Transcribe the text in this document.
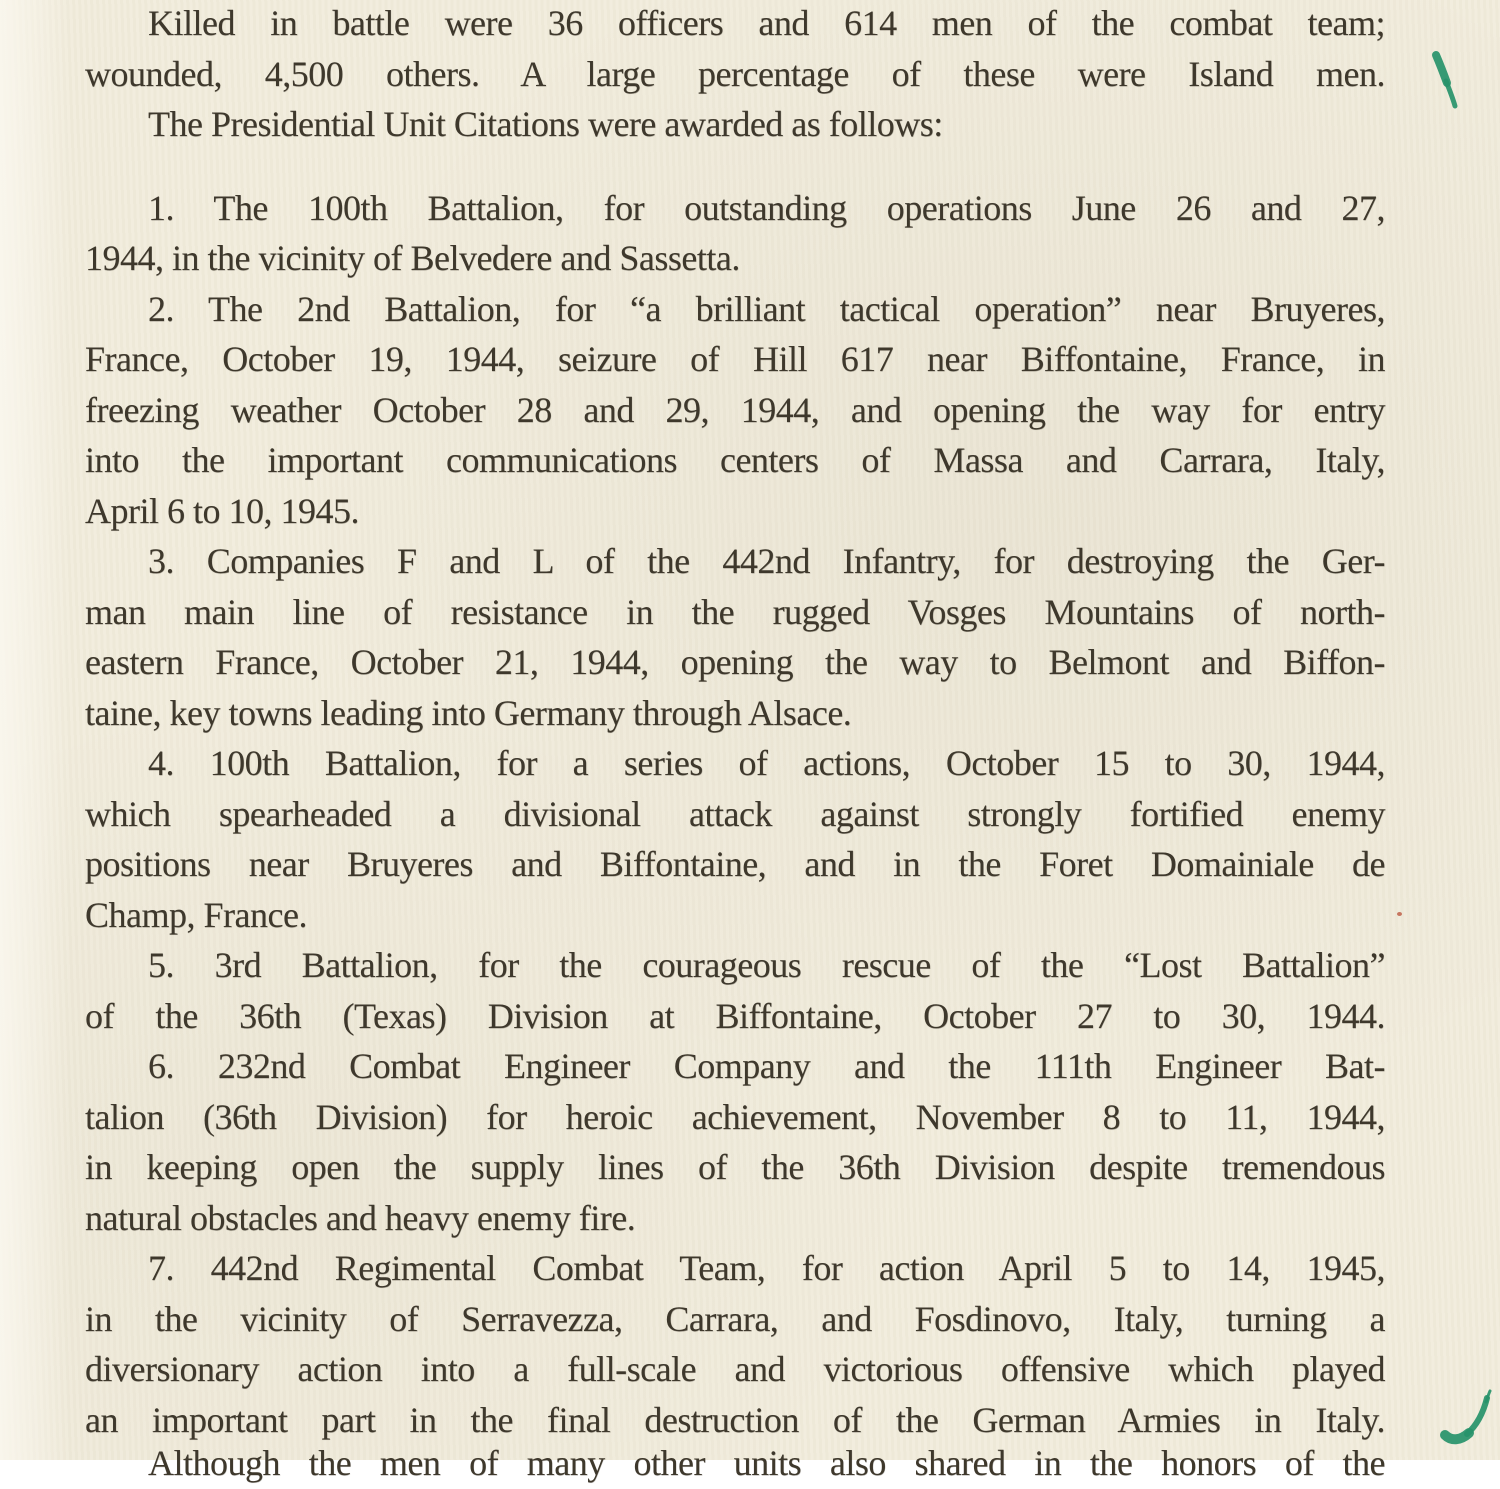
Killed in battle were 36 officers and 614 men of the combat team;
wounded, 4,500 others. A large percentage of these were Island men.
The Presidential Unit Citations were awarded as follows:
1. The 100th Battalion, for outstanding operations June 26 and 27,
1944, in the vicinity of Belvedere and Sassetta.
2. The 2nd Battalion, for “a brilliant tactical operation” near Bruyeres,
France, October 19, 1944, seizure of Hill 617 near Biffontaine, France, in
freezing weather October 28 and 29, 1944, and opening the way for entry
into the important communications centers of Massa and Carrara, Italy,
April 6 to 10, 1945.
3. Companies F and L of the 442nd Infantry, for destroying the Ger-
man main line of resistance in the rugged Vosges Mountains of north-
eastern France, October 21, 1944, opening the way to Belmont and Biffon-
taine, key towns leading into Germany through Alsace.
4. 100th Battalion, for a series of actions, October 15 to 30, 1944,
which spearheaded a divisional attack against strongly fortified enemy
positions near Bruyeres and Biffontaine, and in the Foret Domainiale de
Champ, France.
5. 3rd Battalion, for the courageous rescue of the “Lost Battalion”
of the 36th (Texas) Division at Biffontaine, October 27 to 30, 1944.
6. 232nd Combat Engineer Company and the 111th Engineer Bat-
talion (36th Division) for heroic achievement, November 8 to 11, 1944,
in keeping open the supply lines of the 36th Division despite tremendous
natural obstacles and heavy enemy fire.
7. 442nd Regimental Combat Team, for action April 5 to 14, 1945,
in the vicinity of Serravezza, Carrara, and Fosdinovo, Italy, turning a
diversionary action into a full-scale and victorious offensive which played
an important part in the final destruction of the German Armies in Italy.
Although the men of many other units also shared in the honors of the
